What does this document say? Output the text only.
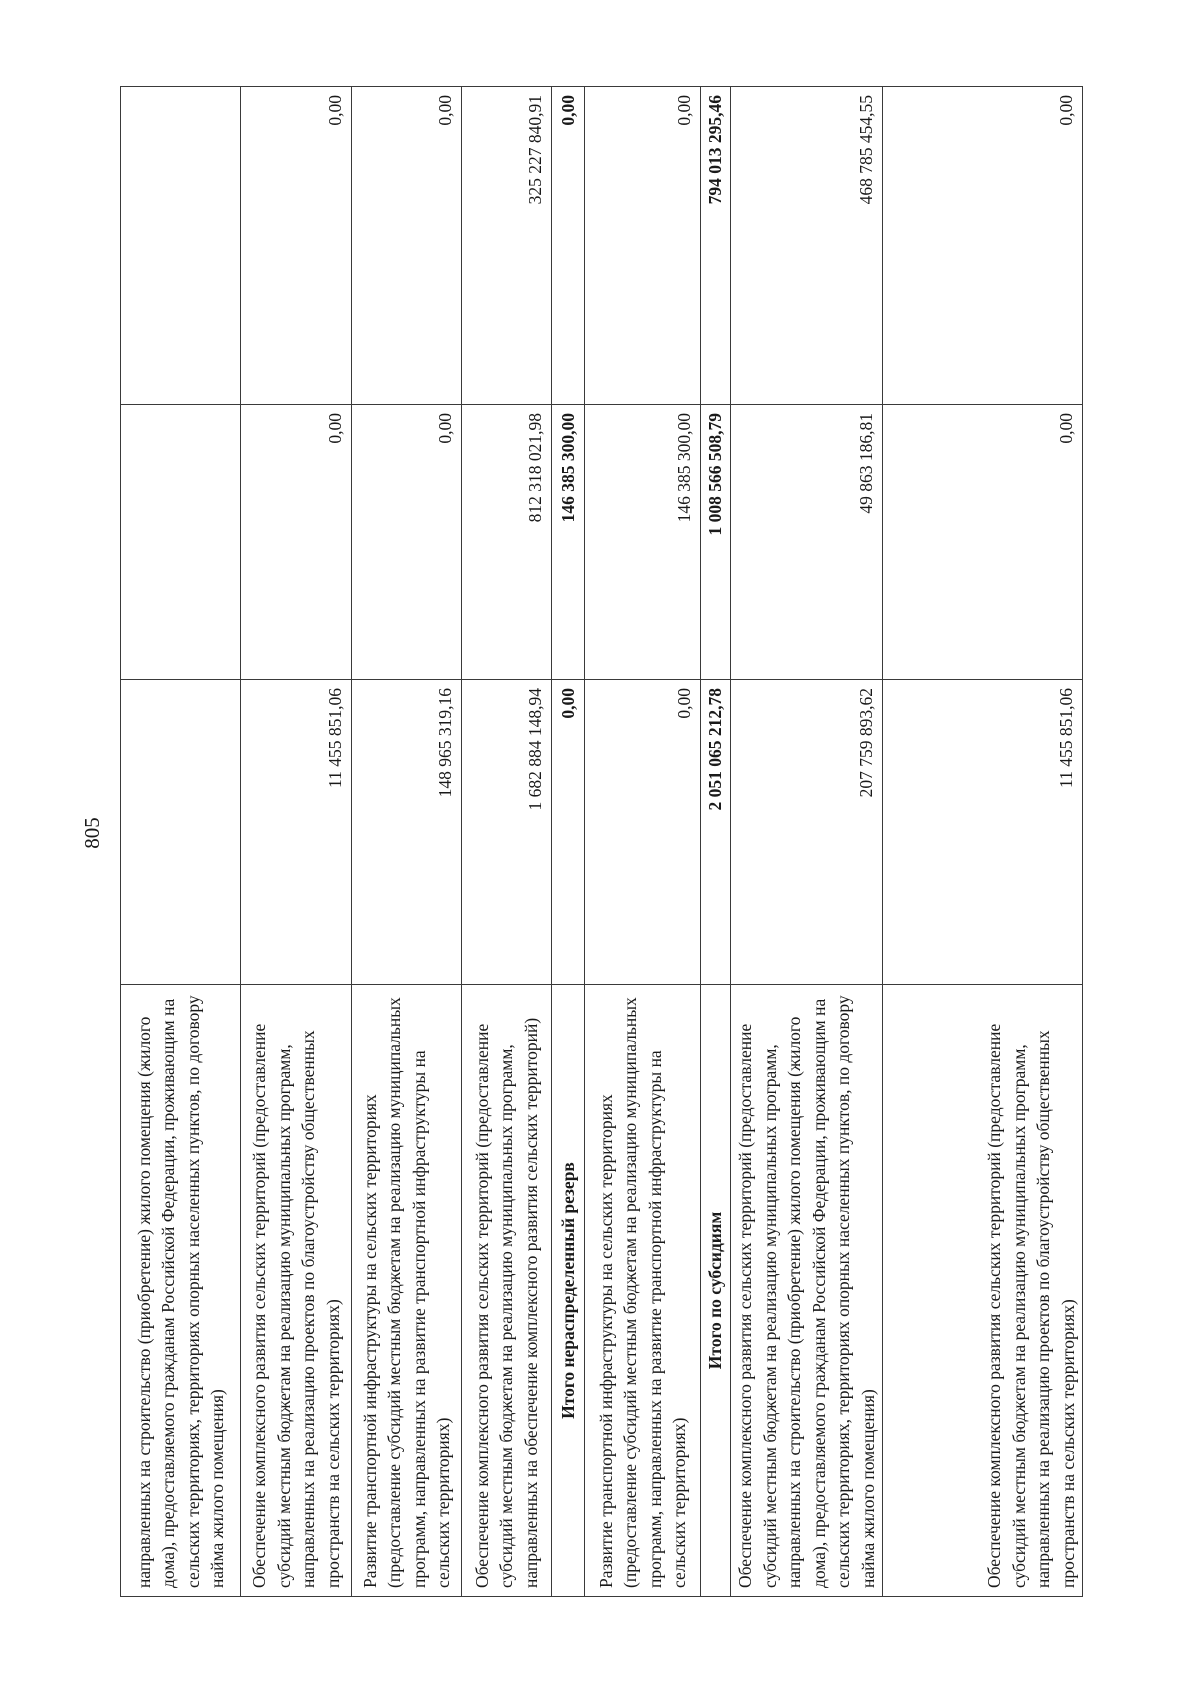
805
направленных на строительство (приобретение) жилого помещения (жилого дома), предоставляемого гражданам Российской Федерации, проживающим на сельских территориях, территориях опорных населенных пунктов, по договору найма жилого помещения)			
Обеспечение комплексного развития сельских территорий (предоставление субсидий местным бюджетам на реализацию муниципальных программ, направленных на реализацию проектов по благоустройству общественных пространств на сельских территориях)	11 455 851,06	0,00	0,00
Развитие транспортной инфраструктуры на сельских территориях (предоставление субсидий местным бюджетам на реализацию муниципальных программ, направленных на развитие транспортной инфраструктуры на сельских территориях)	148 965 319,16	0,00	0,00
Обеспечение комплексного развития сельских территорий (предоставление субсидий местным бюджетам на реализацию муниципальных программ, направленных на обеспечение комплексного развития сельских территорий)	1 682 884 148,94	812 318 021,98	325 227 840,91
Итого нераспределенный резерв	0,00	146 385 300,00	0,00
Развитие транспортной инфраструктуры на сельских территориях (предоставление субсидий местным бюджетам на реализацию муниципальных программ, направленных на развитие транспортной инфраструктуры на сельских территориях)	0,00	146 385 300,00	0,00
Итого по субсидиям	2 051 065 212,78	1 008 566 508,79	794 013 295,46
Обеспечение комплексного развития сельских территорий (предоставление субсидий местным бюджетам на реализацию муниципальных программ, направленных на строительство (приобретение) жилого помещения (жилого дома), предоставляемого гражданам Российской Федерации, проживающим на сельских территориях, территориях опорных населенных пунктов, по договору найма жилого помещения)	207 759 893,62	49 863 186,81	468 785 454,55
Обеспечение комплексного развития сельских территорий (предоставление субсидий местным бюджетам на реализацию муниципальных программ, направленных на реализацию проектов по благоустройству общественных пространств на сельских территориях)	11 455 851,06	0,00	0,00
